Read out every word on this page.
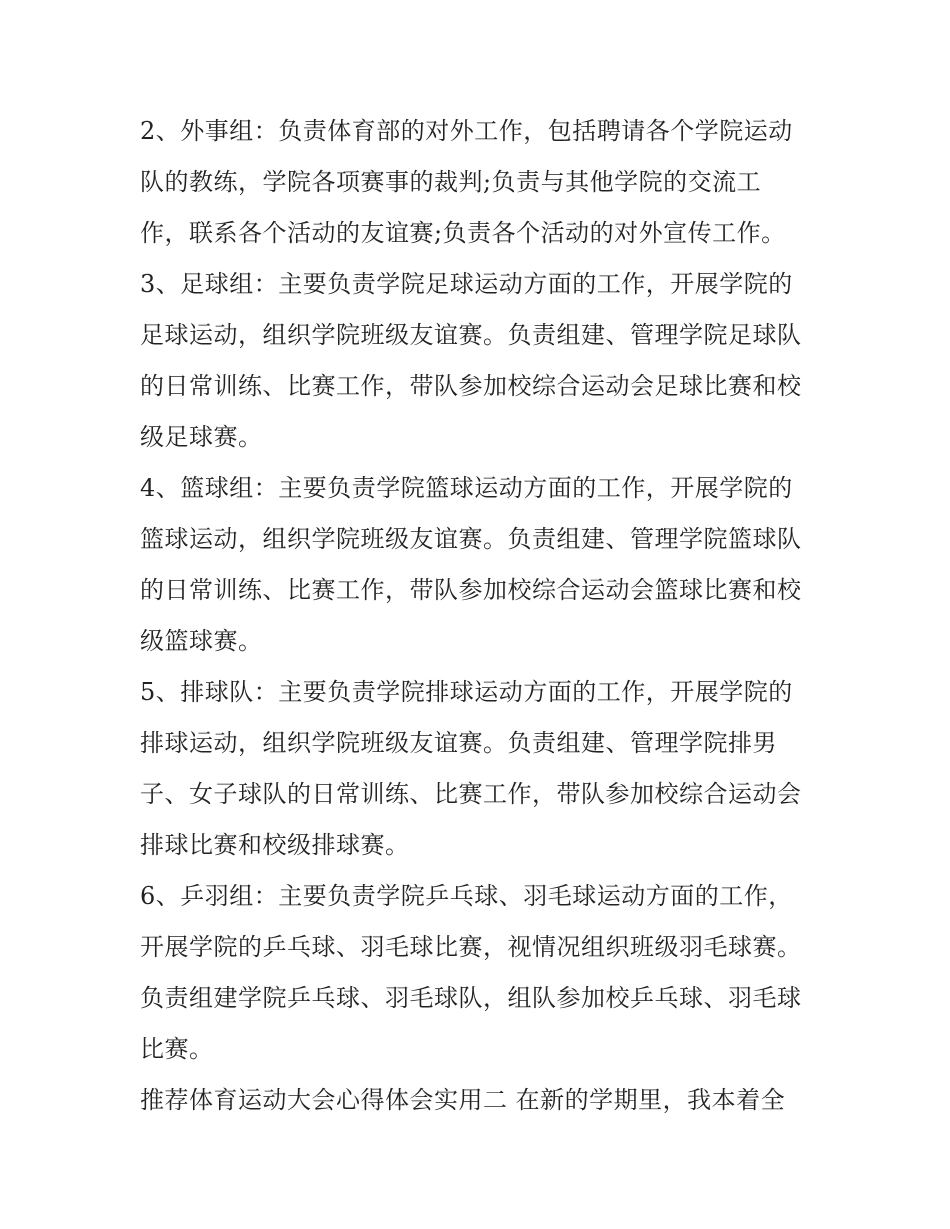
2、外事组：负责体育部的对外工作，包括聘请各个学院运动
队的教练，学院各项赛事的裁判;负责与其他学院的交流工
作，联系各个活动的友谊赛;负责各个活动的对外宣传工作。
3、足球组：主要负责学院足球运动方面的工作，开展学院的
足球运动，组织学院班级友谊赛。负责组建、管理学院足球队
的日常训练、比赛工作，带队参加校综合运动会足球比赛和校
级足球赛。
4、篮球组：主要负责学院篮球运动方面的工作，开展学院的
篮球运动，组织学院班级友谊赛。负责组建、管理学院篮球队
的日常训练、比赛工作，带队参加校综合运动会篮球比赛和校
级篮球赛。
5、排球队：主要负责学院排球运动方面的工作，开展学院的
排球运动，组织学院班级友谊赛。负责组建、管理学院排男
子、女子球队的日常训练、比赛工作，带队参加校综合运动会
排球比赛和校级排球赛。
6、乒羽组：主要负责学院乒乓球、羽毛球运动方面的工作，
开展学院的乒乓球、羽毛球比赛，视情况组织班级羽毛球赛。
负责组建学院乒乓球、羽毛球队，组队参加校乒乓球、羽毛球
比赛。
推荐体育运动大会心得体会实用二 在新的学期里，我本着全
